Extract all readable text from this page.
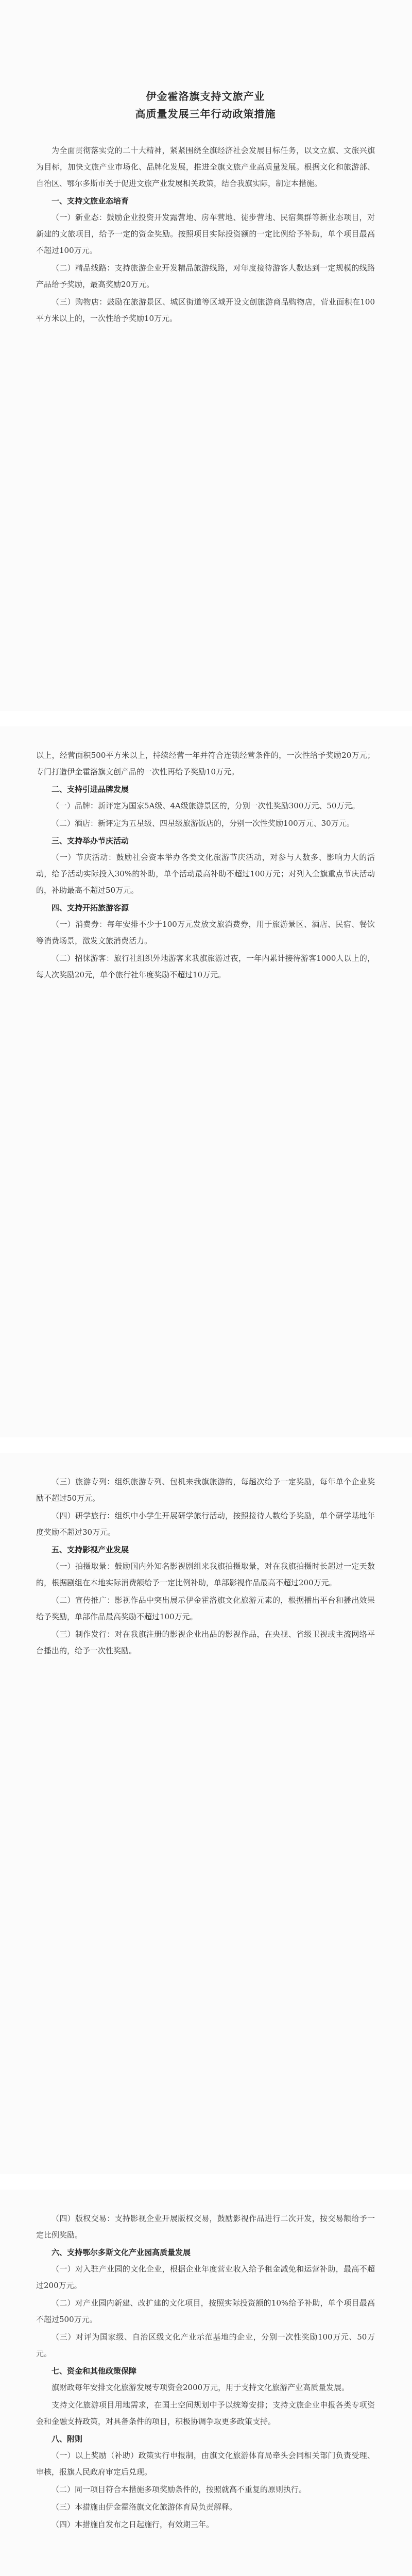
伊金霍洛旗支持文旅产业

高质量发展三年行动政策措施

为全面贯彻落实党的二十大精神，紧紧围绕全旗经济社会发展目标任务，以文立旗、文旅兴旗为目标，加快文旅产业市场化、品牌化发展，推进全旗文旅产业高质量发展。根据文化和旅游部、自治区、鄂尔多斯市关于促进文旅产业发展相关政策，结合我旗实际，制定本措施。

一、支持文旅业态培育

（一）新业态：鼓励企业投资开发露营地、房车营地、徒步营地、民宿集群等新业态项目，对新建的文旅项目，给予一定的资金奖励。按照项目实际投资额的一定比例给予补助，单个项目最高不超过100万元。

（二）精品线路：支持旅游企业开发精品旅游线路，对年度接待游客人数达到一定规模的线路产品给予奖励，最高奖励20万元。

（三）购物店：鼓励在旅游景区、城区街道等区域开设文创旅游商品购物店，营业面积在100平方米以上的，一次性给予奖励10万元。

以上，经营面积500平方米以上，持续经营一年并符合连锁经营条件的，一次性给予奖励20万元；专门打造伊金霍洛旗文创产品的一次性再给予奖励10万元。

二、支持引进品牌发展

（一）品牌：新评定为国家5A级、4A级旅游景区的，分别一次性奖励300万元、50万元。

（二）酒店：新评定为五星级、四星级旅游饭店的，分别一次性奖励100万元、30万元。

三、支持举办节庆活动

（一）节庆活动：鼓励社会资本举办各类文化旅游节庆活动，对参与人数多、影响力大的活动，给予活动实际投入30%的补助，单个活动最高补助不超过100万元；对列入全旗重点节庆活动的，补助最高不超过50万元。

四、支持开拓旅游客源

（一）消费券：每年安排不少于100万元发放文旅消费券，用于旅游景区、酒店、民宿、餐饮等消费场景，激发文旅消费活力。

（二）招徕游客：旅行社组织外地游客来我旗旅游过夜，一年内累计接待游客1000人以上的，每人次奖励20元，单个旅行社年度奖励不超过10万元。

（三）旅游专列：组织旅游专列、包机来我旗旅游的，每趟次给予一定奖励，每年单个企业奖励不超过50万元。

（四）研学旅行：组织中小学生开展研学旅行活动，按照接待人数给予奖励，单个研学基地年度奖励不超过30万元。

五、支持影视产业发展

（一）拍摄取景：鼓励国内外知名影视剧组来我旗拍摄取景，对在我旗拍摄时长超过一定天数的，根据剧组在本地实际消费额给予一定比例补助，单部影视作品最高不超过200万元。

（二）宣传推广：影视作品中突出展示伊金霍洛旗文化旅游元素的，根据播出平台和播出效果给予奖励，单部作品最高奖励不超过100万元。

（三）制作发行：对在我旗注册的影视企业出品的影视作品，在央视、省级卫视或主流网络平台播出的，给予一次性奖励。

（四）版权交易：支持影视企业开展版权交易，鼓励影视作品进行二次开发，按交易额给予一定比例奖励。

六、支持鄂尔多斯文化产业园高质量发展

（一）对入驻产业园的文化企业，根据企业年度营业收入给予租金减免和运营补助，最高不超过200万元。

（二）对产业园内新建、改扩建的文化项目，按照实际投资额的10%给予补助，单个项目最高不超过500万元。

（三）对评为国家级、自治区级文化产业示范基地的企业，分别一次性奖励100万元、50万元。

七、资金和其他政策保障

旗财政每年安排文化旅游发展专项资金2000万元，用于支持文化旅游产业高质量发展。

支持文化旅游项目用地需求，在国土空间规划中予以统筹安排；支持文旅企业申报各类专项资金和金融支持政策，对具备条件的项目，积极协调争取更多政策支持。

八、附则

（一）以上奖励（补助）政策实行申报制，由旗文化旅游体育局牵头会同相关部门负责受理、审核，报旗人民政府审定后兑现。

（二）同一项目符合本措施多项奖励条件的，按照就高不重复的原则执行。

（三）本措施由伊金霍洛旗文化旅游体育局负责解释。

（四）本措施自发布之日起施行，有效期三年。
